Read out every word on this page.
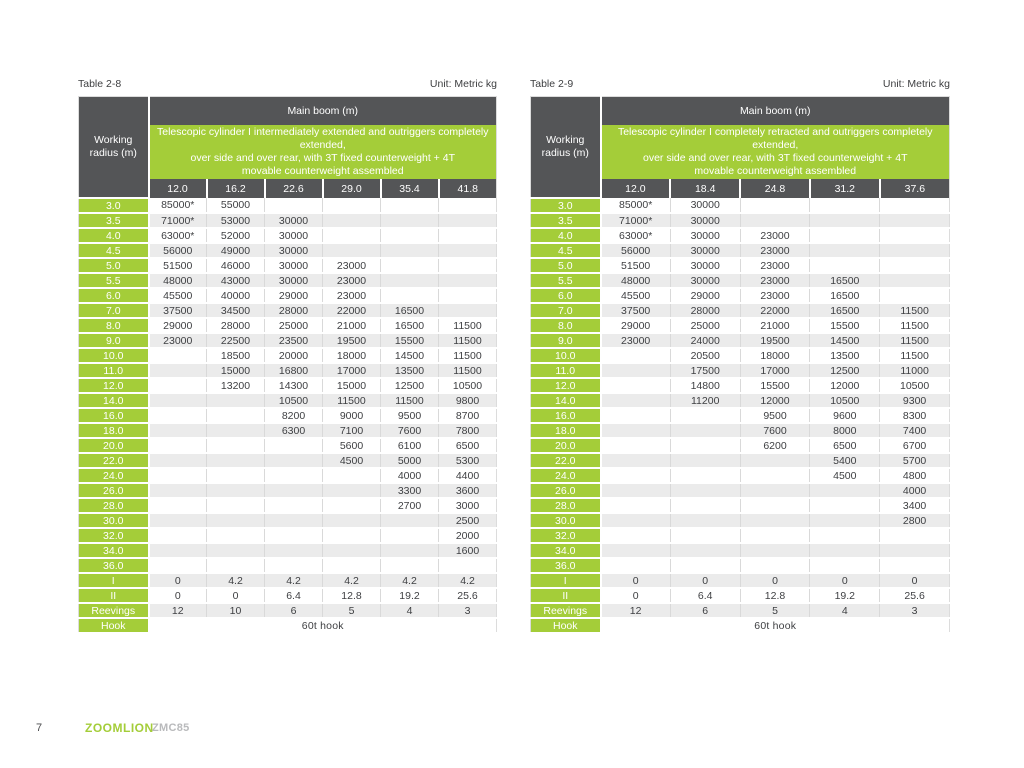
Table 2-8	Unit: Metric kg
Working radius (m)	Main boom (m)					

	Telescopic cylinder I intermediately extended and outriggers completely extended,
over side and over rear, with 3T fixed counterweight + 4T
movable counterweight assembled					

	12.0	16.2	22.6	29.0	35.4	41.8
3.0	85000*	55000				
3.5	71000*	53000	30000			
4.0	63000*	52000	30000			
4.5	56000	49000	30000			
5.0	51500	46000	30000	23000		
5.5	48000	43000	30000	23000		
6.0	45500	40000	29000	23000		
7.0	37500	34500	28000	22000	16500	
8.0	29000	28000	25000	21000	16500	11500
9.0	23000	22500	23500	19500	15500	11500
10.0		18500	20000	18000	14500	11500
11.0		15000	16800	17000	13500	11500
12.0		13200	14300	15000	12500	10500
14.0			10500	11500	11500	9800
16.0			8200	9000	9500	8700
18.0			6300	7100	7600	7800
20.0				5600	6100	6500
22.0				4500	5000	5300
24.0					4000	4400
26.0					3300	3600
28.0					2700	3000
30.0						2500
32.0						2000
34.0						1600
36.0						
I	0	4.2	4.2	4.2	4.2	4.2
II	0	0	6.4	12.8	19.2	25.6
Reevings	12	10	6	5	4	3
Hook	60t hook					
Table 2-9	Unit: Metric kg
Working radius (m)	Main boom (m)				

	Telescopic cylinder I completely retracted and outriggers completely extended,
over side and over rear, with 3T fixed counterweight + 4T
movable counterweight assembled				

	12.0	18.4	24.8	31.2	37.6
3.0	85000*	30000			
3.5	71000*	30000			
4.0	63000*	30000	23000		
4.5	56000	30000	23000		
5.0	51500	30000	23000		
5.5	48000	30000	23000	16500	
6.0	45500	29000	23000	16500	
7.0	37500	28000	22000	16500	11500
8.0	29000	25000	21000	15500	11500
9.0	23000	24000	19500	14500	11500
10.0		20500	18000	13500	11500
11.0		17500	17000	12500	11000
12.0		14800	15500	12000	10500
14.0		11200	12000	10500	9300
16.0			9500	9600	8300
18.0			7600	8000	7400
20.0			6200	6500	6700
22.0				5400	5700
24.0				4500	4800
26.0					4000
28.0					3400
30.0					2800
32.0					
34.0					
36.0					
I	0	0	0	0	0
II	0	6.4	12.8	19.2	25.6
Reevings	12	6	5	4	3
Hook	60t hook				
7	ZOOMLION
ZMC85
